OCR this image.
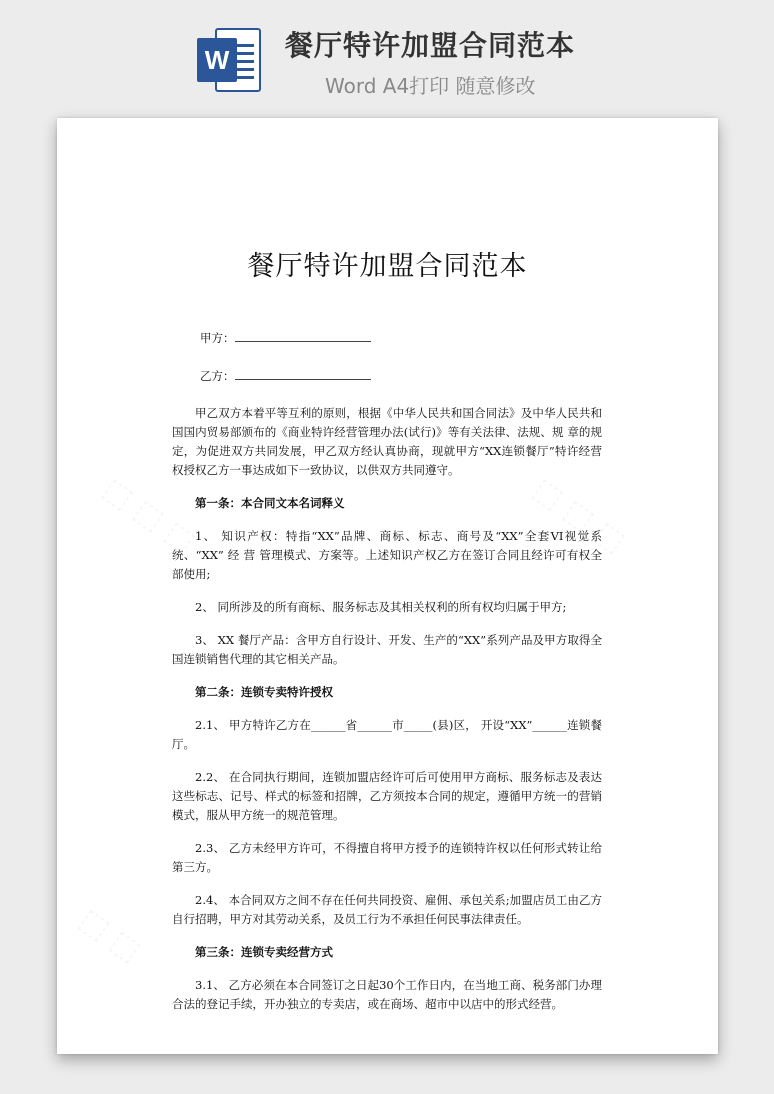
W 餐厅特许加盟合同范本
Word A4打印 随意修改
餐厅特许加盟合同范本
甲方：
乙方：

甲乙双方本着平等互利的原则，根据《中华人民共和国合同法》及中华人民共和国国内贸易部颁布的《商业特许经营管理办法(试行)》等有关法律、法规、规 章的规定，为促进双方共同发展，甲乙双方经认真协商，现就甲方“XX连锁餐厅”特许经营权授权乙方一事达成如下一致协议，以供双方共同遵守。

第一条：本合同文本名词释义

1、 知识产权：特指“XX”品牌、商标、标志、商号及“XX”全套VI视觉系统、“XX” 经 营 管理模式、方案等。上述知识产权乙方在签订合同且经许可有权全部使用;

2、 同所涉及的所有商标、服务标志及其相关权利的所有权均归属于甲方;

3、 XX 餐厅产品：含甲方自行设计、开发、生产的“XX”系列产品及甲方取得全国连锁销售代理的其它相关产品。

第二条：连锁专卖特许授权

2.1、 甲方特许乙方在______省______市_____(县)区， 开设“XX”______连锁餐厅。

2.2、 在合同执行期间，连锁加盟店经许可后可使用甲方商标、服务标志及表达这些标志、记号、样式的标签和招牌，乙方须按本合同的规定，遵循甲方统一的营销模式，服从甲方统一的规范管理。

2.3、 乙方未经甲方许可，不得擅自将甲方授予的连锁特许权以任何形式转让给第三方。

2.4、 本合同双方之间不存在任何共同投资、雇佣、承包关系;加盟店员工由乙方自行招聘，甲方对其劳动关系，及员工行为不承担任何民事法律责任。

第三条：连锁专卖经营方式

3.1、 乙方必须在本合同签订之日起30个工作日内，在当地工商、税务部门办理合法的登记手续，开办独立的专卖店，或在商场、超市中以店中的形式经营。
